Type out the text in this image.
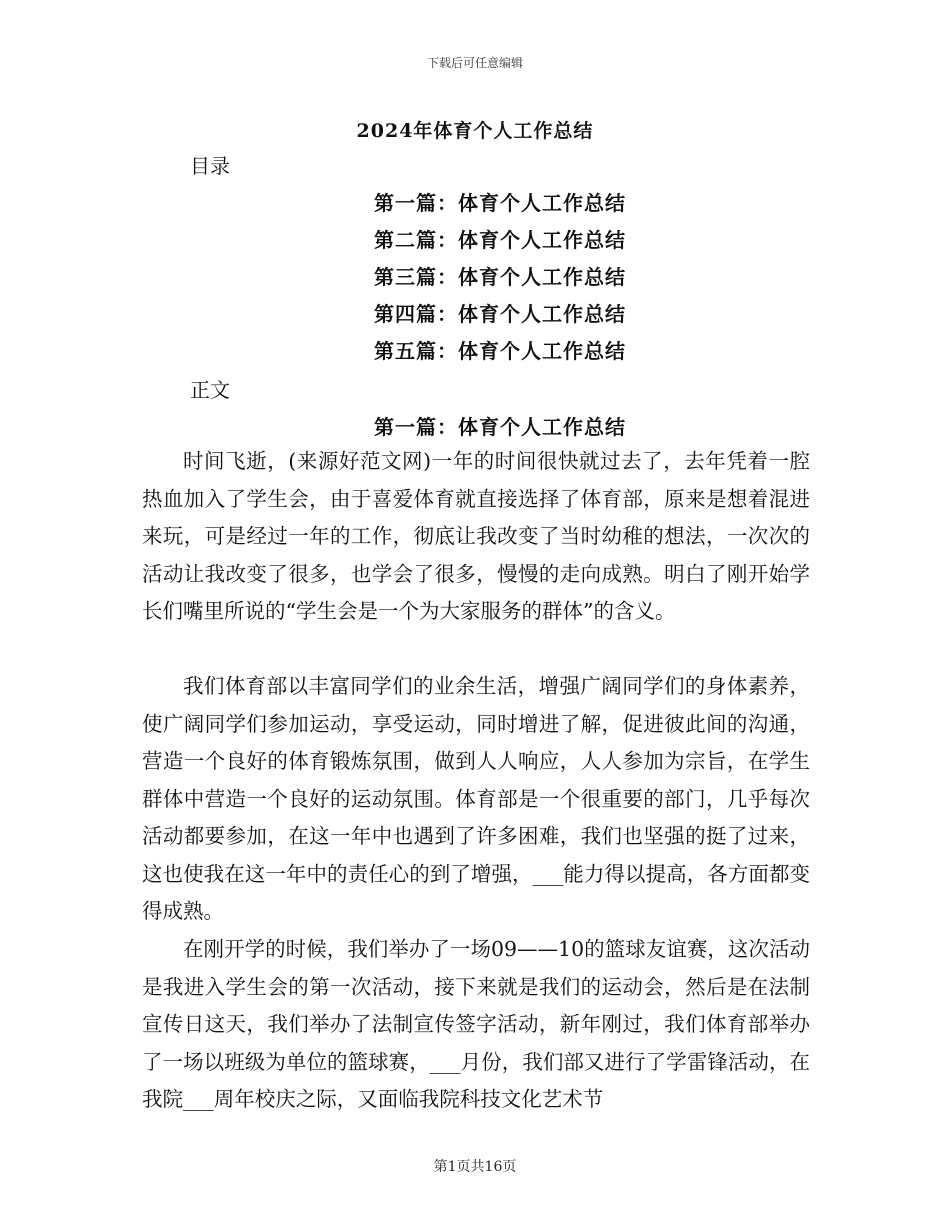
下载后可任意编辑
2024年体育个人工作总结
目录
第一篇：体育个人工作总结
第二篇：体育个人工作总结
第三篇：体育个人工作总结
第四篇：体育个人工作总结
第五篇：体育个人工作总结
正文
第一篇：体育个人工作总结

时间飞逝，(来源好范文网)一年的时间很快就过去了，去年凭着一腔热血加入了学生会，由于喜爱体育就直接选择了体育部，原来是想着混进来玩，可是经过一年的工作，彻底让我改变了当时幼稚的想法，一次次的活动让我改变了很多，也学会了很多，慢慢的走向成熟。明白了刚开始学长们嘴里所说的“学生会是一个为大家服务的群体”的含义。

我们体育部以丰富同学们的业余生活，增强广阔同学们的身体素养，使广阔同学们参加运动，享受运动，同时增进了解，促进彼此间的沟通，营造一个良好的体育锻炼氛围，做到人人响应，人人参加为宗旨，在学生群体中营造一个良好的运动氛围。体育部是一个很重要的部门，几乎每次活动都要参加，在这一年中也遇到了许多困难，我们也坚强的挺了过来，这也使我在这一年中的责任心的到了增强，___能力得以提高，各方面都变得成熟。

在刚开学的时候，我们举办了一场09——10的篮球友谊赛，这次活动是我进入学生会的第一次活动，接下来就是我们的运动会，然后是在法制宣传日这天，我们举办了法制宣传签字活动，新年刚过，我们体育部举办了一场以班级为单位的篮球赛，___月份，我们部又进行了学雷锋活动，在我院___周年校庆之际，又面临我院科技文化艺术节

第1页共16页
